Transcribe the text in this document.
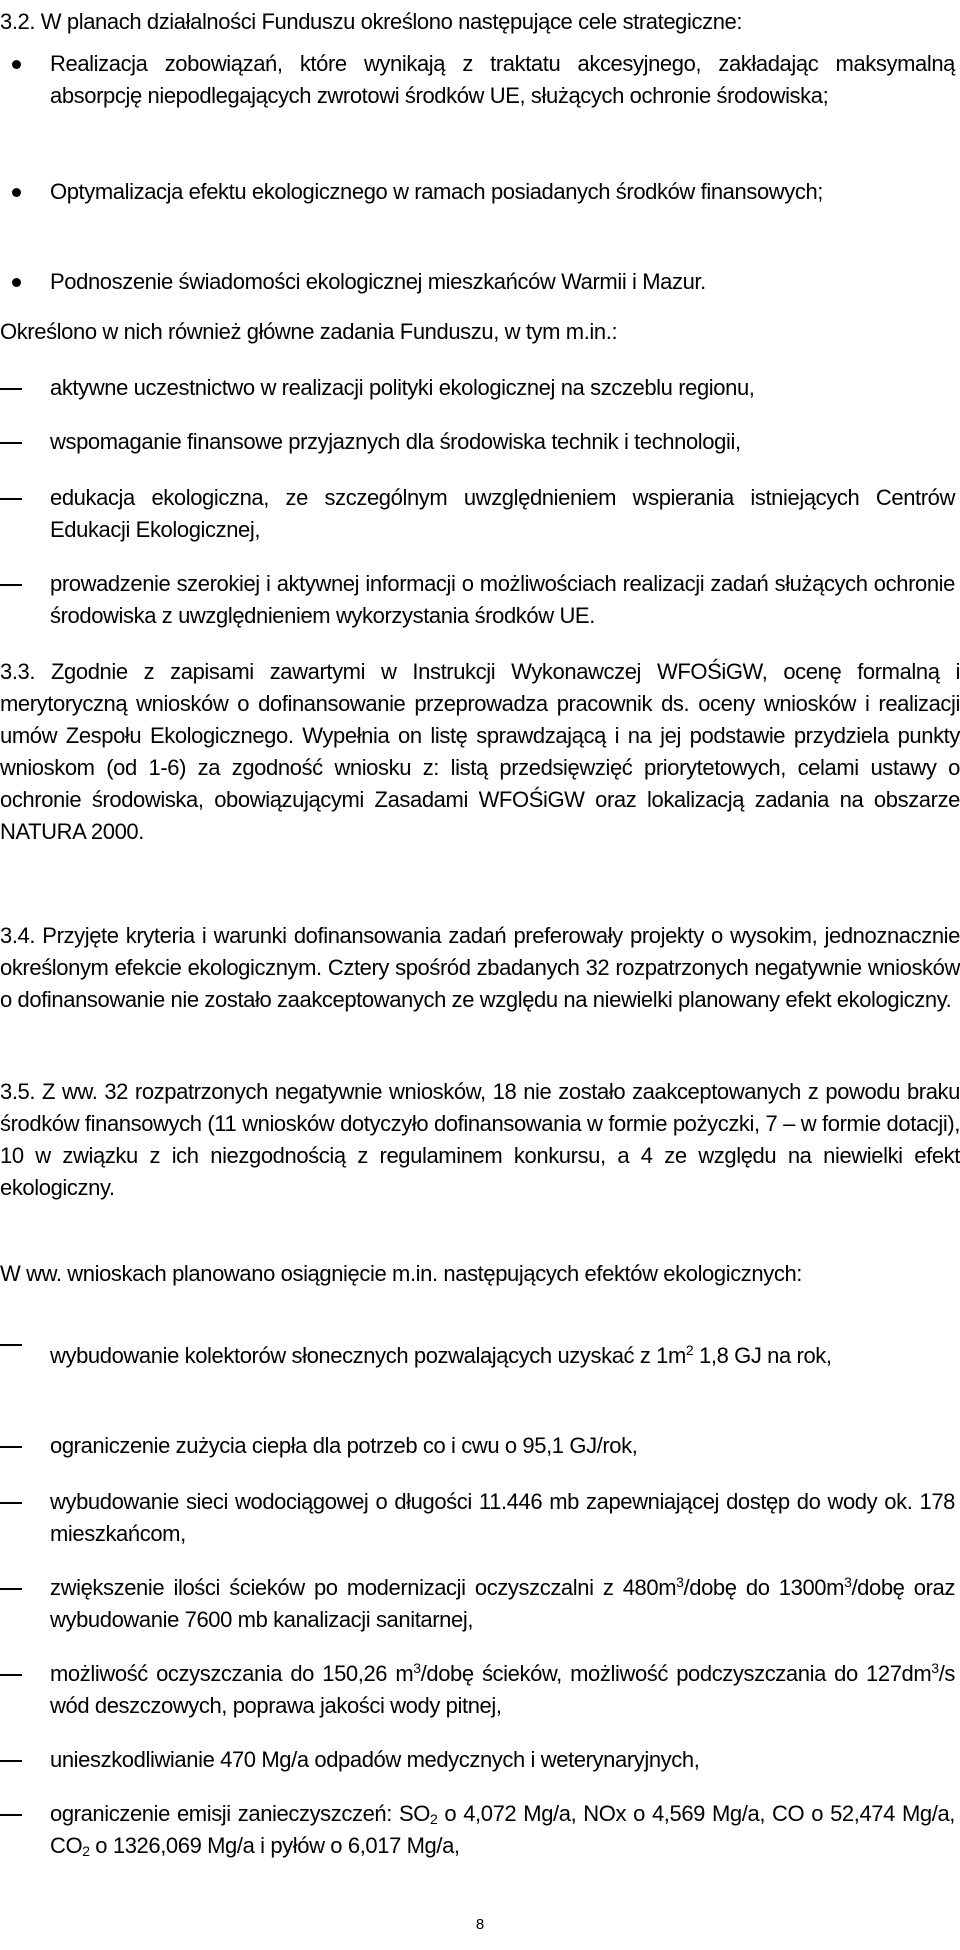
3.2. W planach działalności Funduszu określono następujące cele strategiczne:
Realizacja zobowiązań, które wynikają z traktatu akcesyjnego, zakładając maksymalną absorpcję niepodlegających zwrotowi środków UE, służących ochronie środowiska;
Optymalizacja efektu ekologicznego w ramach posiadanych środków finansowych;
Podnoszenie świadomości ekologicznej mieszkańców Warmii i Mazur.
Określono w nich również główne zadania Funduszu, w tym m.in.:
aktywne uczestnictwo w realizacji polityki ekologicznej na szczeblu regionu,
wspomaganie finansowe przyjaznych dla środowiska technik i technologii,
edukacja ekologiczna, ze szczególnym uwzględnieniem wspierania istniejących Centrów Edukacji Ekologicznej,
prowadzenie szerokiej i aktywnej informacji o możliwościach realizacji zadań służących ochronie środowiska z uwzględnieniem wykorzystania środków UE.
3.3. Zgodnie z zapisami zawartymi w Instrukcji Wykonawczej WFOŚiGW, ocenę formalną i merytoryczną wniosków o dofinansowanie przeprowadza pracownik ds. oceny wniosków i realizacji umów Zespołu Ekologicznego. Wypełnia on listę sprawdzającą i na jej podstawie przydziela punkty wnioskom (od 1-6) za zgodność wniosku z: listą przedsięwzięć priorytetowych, celami ustawy o ochronie środowiska, obowiązującymi Zasadami WFOŚiGW oraz lokalizacją zadania na obszarze NATURA 2000.
3.4. Przyjęte kryteria i warunki dofinansowania zadań preferowały projekty o wysokim, jednoznacznie określonym efekcie ekologicznym. Cztery spośród zbadanych 32 rozpatrzonych negatywnie wniosków o dofinansowanie nie zostało zaakceptowanych ze względu na niewielki planowany efekt ekologiczny.
3.5. Z ww. 32 rozpatrzonych negatywnie wniosków, 18 nie zostało zaakceptowanych z powodu braku środków finansowych (11 wniosków dotyczyło dofinansowania w formie pożyczki, 7 – w formie dotacji), 10 w związku z ich niezgodnością z regulaminem konkursu, a 4 ze względu na niewielki efekt ekologiczny.
W ww. wnioskach planowano osiągnięcie m.in. następujących efektów ekologicznych:
wybudowanie kolektorów słonecznych pozwalających uzyskać z $1m^2$ 1,8 GJ na rok,
ograniczenie zużycia ciepła dla potrzeb co i cwu o 95,1 GJ/rok,
wybudowanie sieci wodociągowej o długości 11.446 mb zapewniającej dostęp do wody ok. 178 mieszkańcom,
zwiększenie ilości ścieków po modernizacji oczyszczalni z $480m^3$/dobę do $1300m^3$/dobę oraz wybudowanie 7600 mb kanalizacji sanitarnej,
możliwość oczyszczania do 150,26 $m^3$/dobę ścieków, możliwość podczyszczania do $127dm^3/s$ wód deszczowych, poprawa jakości wody pitnej,
unieszkodliwianie 470 Mg/a odpadów medycznych i weterynaryjnych,
ograniczenie emisji zanieczyszczeń: $SO_2$ o 4,072 Mg/a, NOx o 4,569 Mg/a, CO o 52,474 Mg/a, $CO_2$ o 1326,069 Mg/a i pyłów o 6,017 Mg/a,
8
